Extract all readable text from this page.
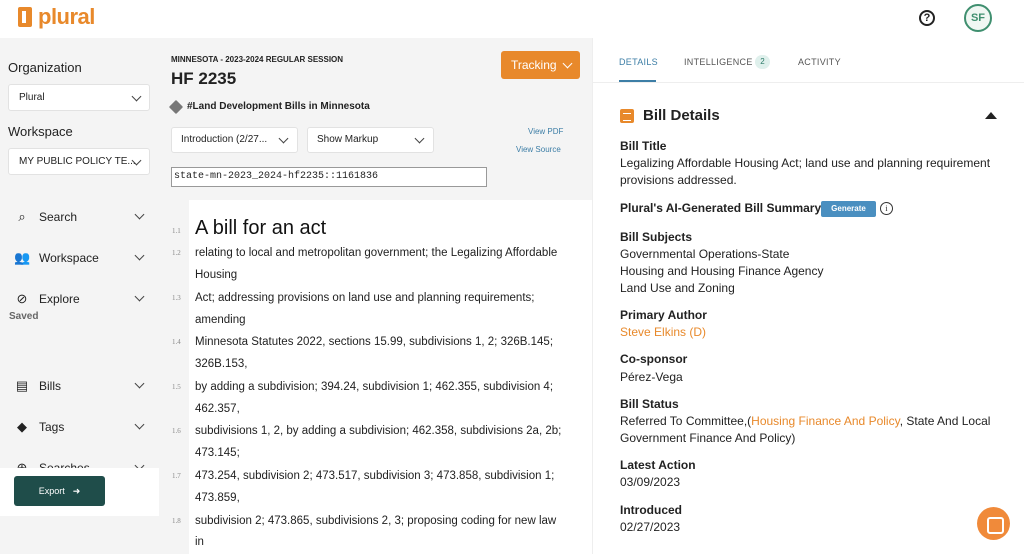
plural	?	SF
Organization
Plural
Workspace
MY PUBLIC POLICY TE...
⌕	Search
👥 Workspace
⊘ Explore
Saved
▤ Bills
◆ Tags
Export ➜
MINNESOTA - 2023-2024 REGULAR SESSION
HF 2235
#Land Development Bills in Minnesota
Tracking
Introduction (2/27...	Show Markup
View PDF
View Source
state-mn-2023_2024-hf2235::1161836
A bill for an act
1.1
1.2 relating to local and metropolitan government; the Legalizing Affordable
Housing
1.3 Act; addressing provisions on land use and planning requirements;
amending
1.4 Minnesota Statutes 2022, sections 15.99, subdivisions 1, 2; 326B.145;
326B.153,
1.5 by adding a subdivision; 394.24, subdivision 1; 462.355, subdivision 4;
462.357,
1.6 subdivisions 1, 2, by adding a subdivision; 462.358, subdivisions 2a, 2b;
473.145;
1.7 473.254, subdivision 2; 473.517, subdivision 3; 473.858, subdivision 1;
473.859,
1.8 subdivision 2; 473.865, subdivisions 2, 3; proposing coding for new law
in
DETAILS	INTELLIGENCE 2	ACTIVITY
Bill Details
Bill Title
Legalizing Affordable Housing Act; land use and planning requirement provisions addressed.
Plural's AI-Generated Bill Summary	Generate	i
Bill Subjects
Governmental Operations-State
Housing and Housing Finance Agency
Land Use and Zoning
Primary Author
Steve Elkins (D)
Co-sponsor
Pérez-Vega
Bill Status
Referred To Committee,(Housing Finance And Policy, State And Local Government Finance And Policy)
Latest Action
03/09/2023
Introduced
02/27/2023
